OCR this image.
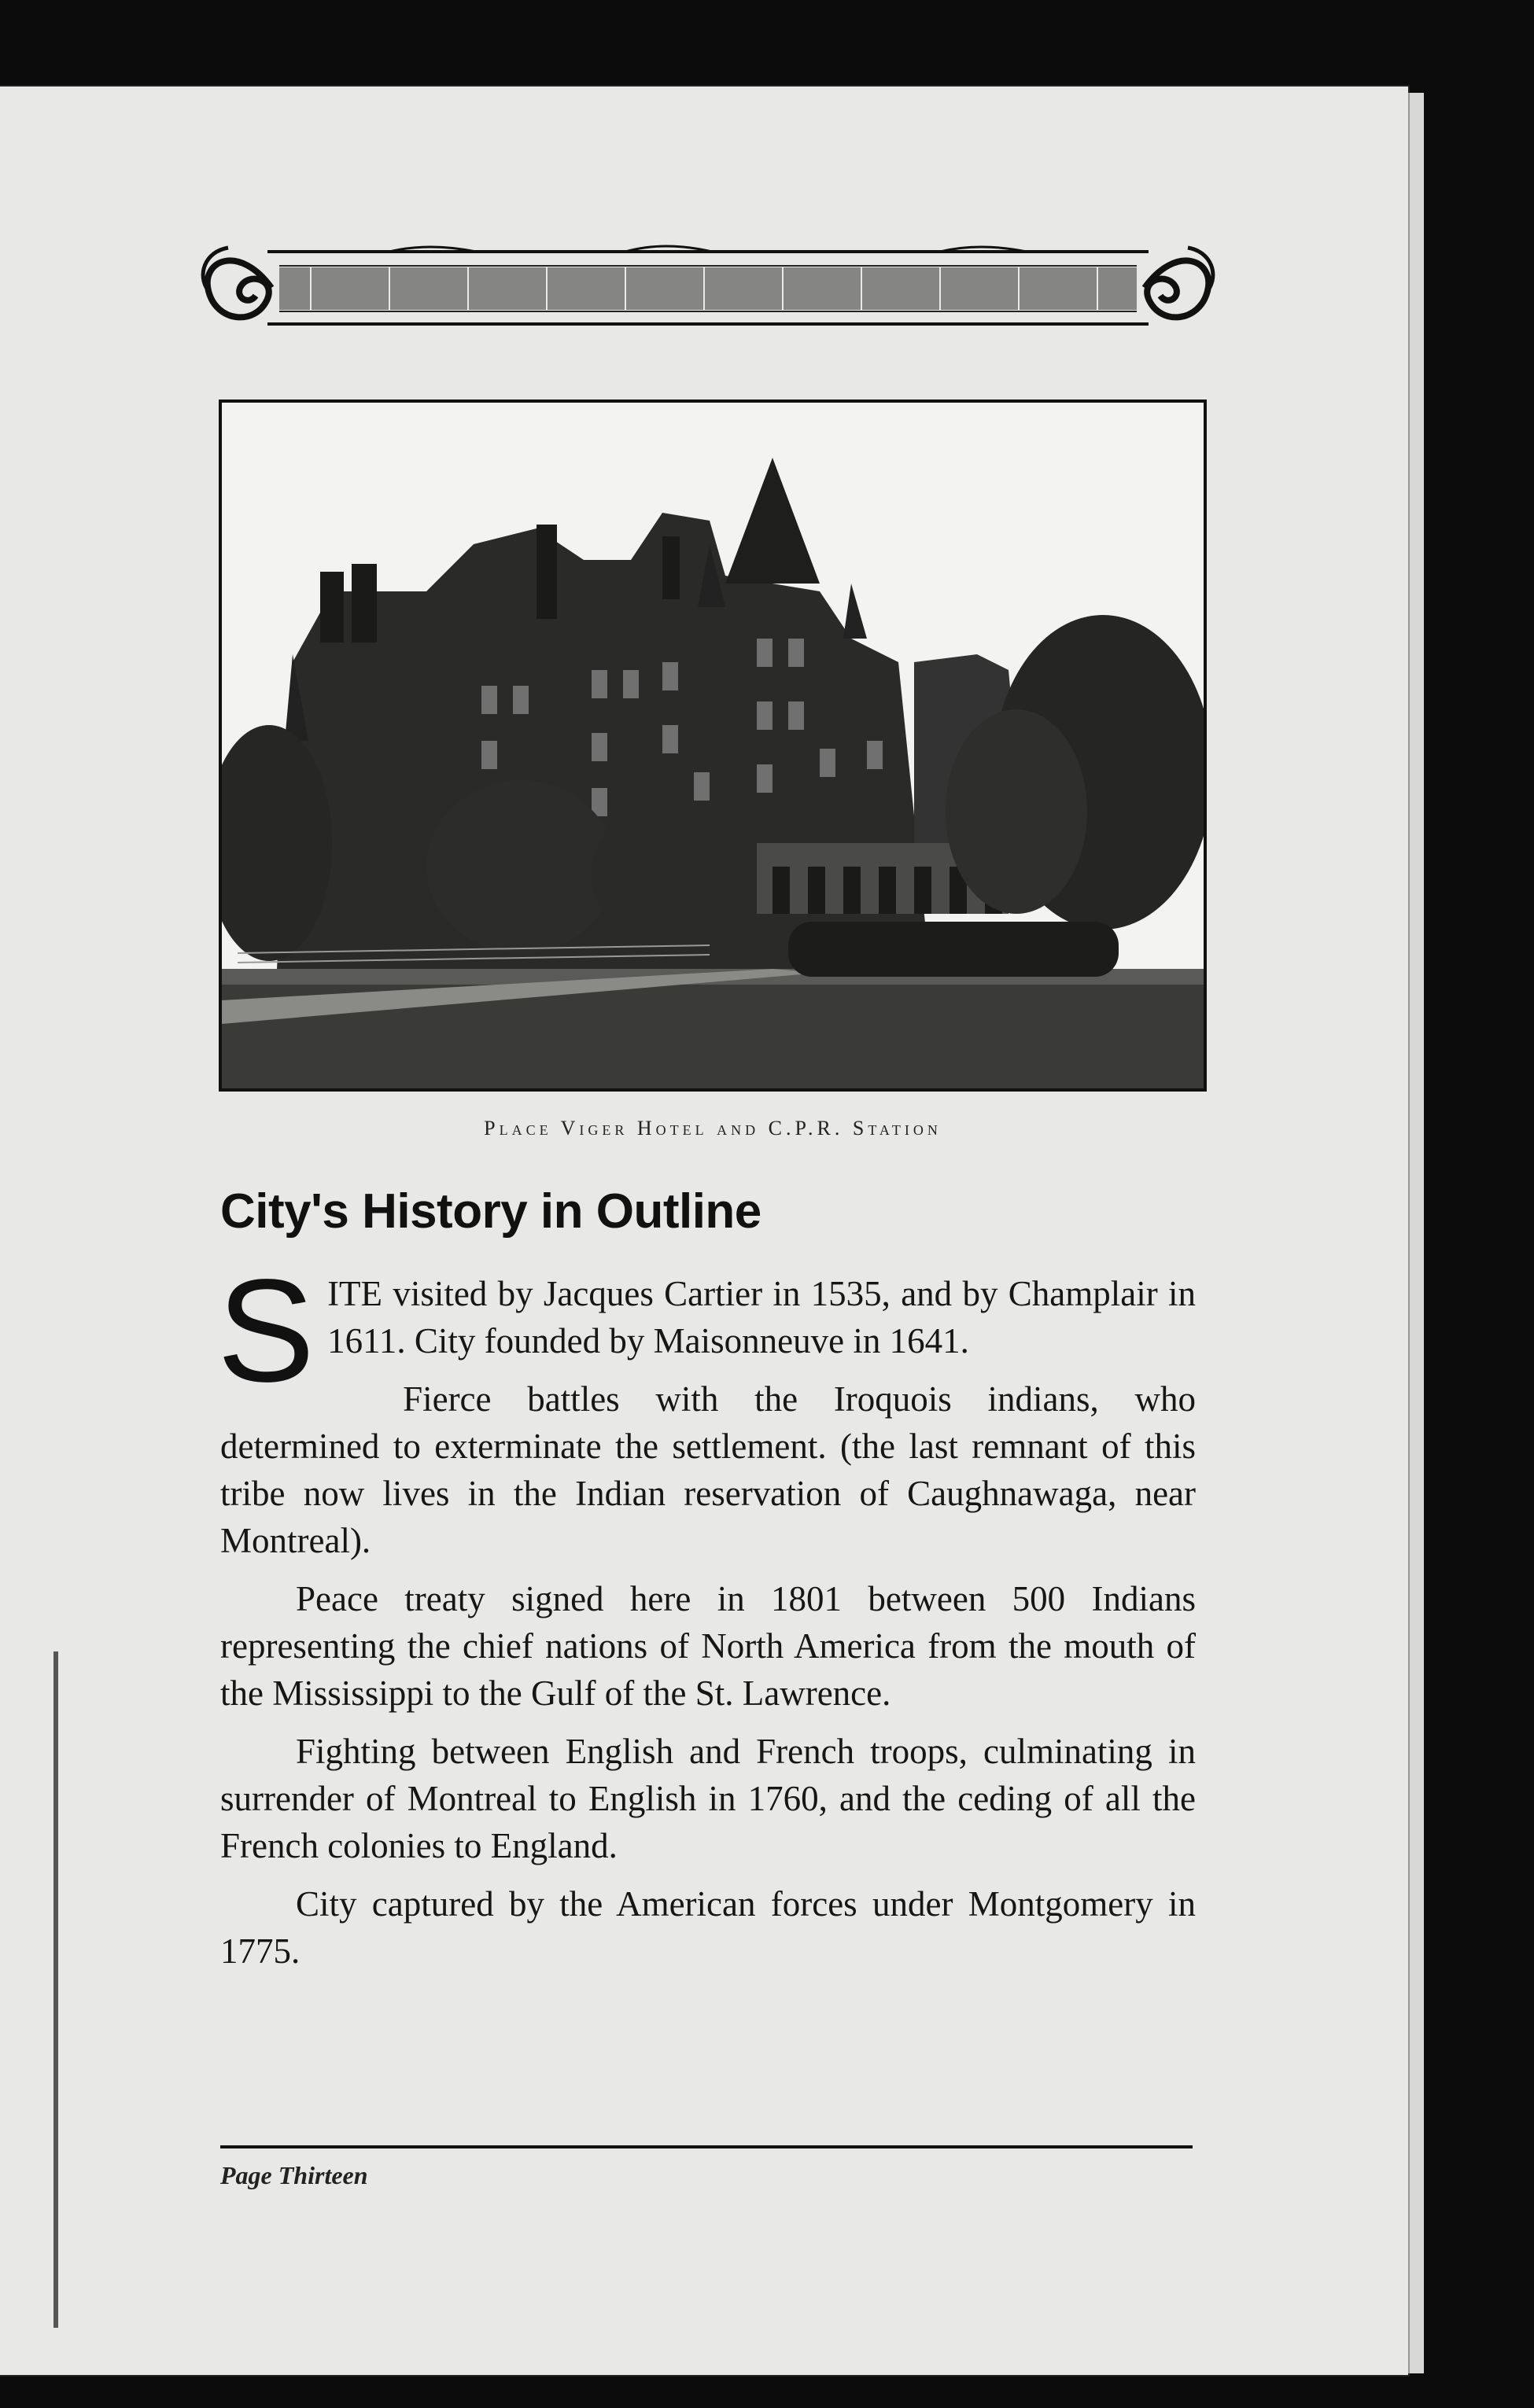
Place Viger Hotel and C.P.R. Station
City's History in Outline

SITE visited by Jacques Cartier in 1535, and by Champlair in 1611. City founded by Maisonneuve in 1641.

Fierce battles with the Iroquois indians, who determined to exterminate the settlement. (the last remnant of this tribe now lives in the Indian reservation of Caughnawaga, near Montreal).

Peace treaty signed here in 1801 between 500 Indians representing the chief nations of North America from the mouth of the Mississippi to the Gulf of the St. Lawrence.

Fighting between English and French troops, culminating in surrender of Montreal to English in 1760, and the ceding of all the French colonies to England.

City captured by the American forces under Montgomery in 1775.

Page Thirteen
